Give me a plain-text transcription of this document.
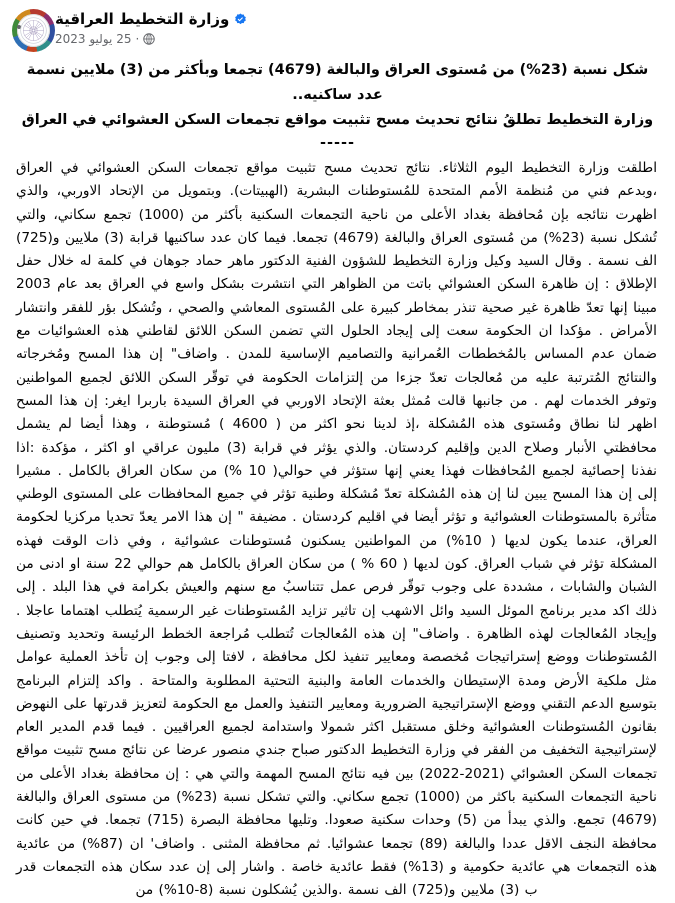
وزارة التخطيط العراقية
25 يوليو 2023 ·
شكل نسبة (23%) من مُستوى العراق والبالغة (4679) تجمعا وبأكثر من (3) ملايين نسمة عدد ساكنيه..
وزارة التخطيط تطلقُ نتائج تحديث مسح تثبيت مواقع تجمعات السكن العشوائي في العراق
-----

اطلقت وزارة التخطيط اليوم الثلاثاء. نتائج تحديث مسح تثبيت مواقع تجمعات السكن العشوائي في العراق ،وبدعم فني من مُنظمة الأمم المتحدة للمُستوطنات البشرية (الهبيتات). وبتمويل من الإتحاد الاوربي، والذي اظهرت نتائجه بإن مُحافظة بغداد الأعلى من ناحية التجمعات السكنية بأكثر من (1000) تجمع سكاني، والتي تُشكل نسبة (23%) من مُستوى العراق والبالغة (4679) تجمعا. فيما كان عدد ساكنيها قرابة (3) ملايين و(725) الف نسمة . وقال السيد وكيل وزارة التخطيط للشؤون الفنية الدكتور ماهر حماد جوهان في كلمة له خلال حفل الإطلاق : إن ظاهرة السكن العشوائي باتت من الظواهر التي انتشرت بشكل واسع في العراق بعد عام 2003 مبينا إنها تعدّ ظاهرة غير صحية تنذر بمخاطر كبيرة على المُستوى المعاشي والصحي ، وتُشكل بؤر للفقر وانتشار الأمراض . مؤكدا ان الحكومة سعت إلى إيجاد الحلول التي تضمن السكن اللائق لقاطني هذه العشوائيات مع ضمان عدم المساس بالمُخططات العُمرانية والتصاميم الإساسية للمدن . واضاف" إن هذا المسح ومُخرجاته والنتائج المُترتبة عليه من مُعالجات تعدّ جزءا من إلتزامات الحكومة في توقّر السكن اللائق لجميع المواطنين وتوفر الخدمات لهم . من جانبها قالت مُمثل بعثة الإتحاد الاوربي في العراق السيدة باربرا ايغر: إن هذا المسح اظهر لنا نطاق ومُستوى هذه المُشكلة ،إذ لدينا نحو اكثر من ( 4600 ) مُستوطنة ، وهذا أيضا لم يشمل محافظتي الأنبار وصلاح الدين وإقليم كردستان. والذي يؤثر في قرابة (3) مليون عراقي او اكثر ، مؤكدة :اذا نفذنا إحصائية لجميع المُحافظات فهذا يعني إنها ستؤثر في حوالي( 10 %) من سكان العراق بالكامل . مشيرا إلى إن هذا المسح يبين لنا إن هذه المُشكلة تعدّ مُشكلة وطنية تؤثر في جميع المحافظات على المستوى الوطني متأثرة بالمستوطنات العشوائية و تؤثر أيضا في اقليم كردستان . مضيفة " إن هذا الامر يعدّ تحديا مركزيا لحكومة العراق، عندما يكون لديها ( 10%) من المواطنين يسكنون مُستوطنات عشوائية ، وفي ذات الوقت فهذه المشكلة تؤثر في شباب العراق. كون لديها ( 60 % ) من سكان العراق بالكامل هم حوالي 22 سنة او ادنى من الشبان والشابات ، مشددة على وجوب توقّر فرص عمل تتناسبُ مع سنهم والعيش بكرامة في هذا البلد . إلى ذلك اكد مدير برنامج الموئل السيد وائل الاشهب إن تاثير تزايد المُستوطنات غير الرسمية يُتطلب اهتماما عاجلا . وإيجاد المُعالجات لهذه الظاهرة . واضاف" إن هذه المُعالجات تُتطلب مُراجعة الخطط الرئيسة وتحديد وتصنيف المُستوطنات ووضع إستراتيجات مُخصصة ومعايير تنفيذ لكل محافظة ، لافتا إلى وجوب إن تأخذ العملية عوامل مثل ملكية الأرض ومدة الإستيطان والخدمات العامة والبنية التحتية المطلوبة والمتاحة . واكد إلتزام البرنامج بتوسيع الدعم التقني ووضع الإستراتيجية الضرورية ومعايير التنفيذ والعمل مع الحكومة لتعزيز قدرتها على النهوض بقانون المُستوطنات العشوائية وخلق مستقبل اكثر شمولا واستدامة لجميع العراقيين . فيما قدم المدير العام لإستراتيجية التخفيف من الفقر في وزارة التخطيط الدكتور صباح جندي منصور عرضا عن نتائج مسح تثبيت مواقع تجمعات السكن العشوائي (2021-2022) بين فيه نتائج المسح المهمة والتي هي : إن محافظة بغداد الأعلى من ناحية التجمعات السكنية باكثر من (1000) تجمع سكاني. والتي تشكل نسبة (23%) من مستوى العراق والبالغة (4679) تجمع. والذي يبدأ من (5) وحدات سكنية صعودا. وتليها محافظة البصرة (715) تجمعا. في حين كانت محافظة النجف الاقل عددا والبالغة (89) تجمعا عشوائيا. ثم محافظة المثنى . واضاف' ان (87%) من عائدية هذه التجمعات هي عائدية حكومية و (13%) فقط عائدية خاصة . واشار إلى إن عدد سكان هذه التجمعات قدر ب (3) ملايين و(725) الف نسمة .والذين يُشكلون نسبة (8-10%) من
